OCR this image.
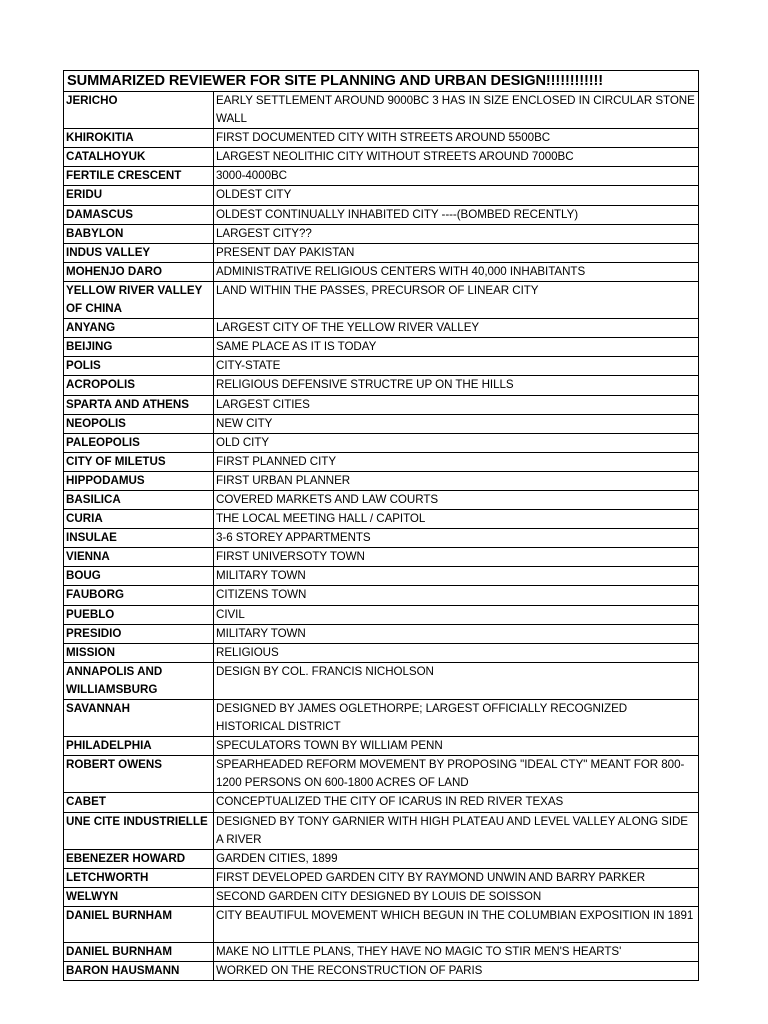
SUMMARIZED REVIEWER FOR SITE PLANNING AND URBAN DESIGN!!!!!!!!!!!!	
JERICHO	EARLY SETTLEMENT AROUND 9000BC 3 HAS IN SIZE ENCLOSED IN CIRCULAR STONE WALL
KHIROKITIA	FIRST DOCUMENTED CITY WITH STREETS AROUND 5500BC
CATALHOYUK	LARGEST NEOLITHIC CITY WITHOUT STREETS AROUND 7000BC
FERTILE CRESCENT	3000-4000BC
ERIDU	OLDEST CITY
DAMASCUS	OLDEST CONTINUALLY INHABITED CITY ----(BOMBED RECENTLY)
BABYLON	LARGEST CITY??
INDUS VALLEY	PRESENT DAY PAKISTAN
MOHENJO DARO	ADMINISTRATIVE RELIGIOUS CENTERS WITH 40,000 INHABITANTS
YELLOW RIVER VALLEY OF CHINA	LAND WITHIN THE PASSES, PRECURSOR OF LINEAR CITY
ANYANG	LARGEST CITY OF THE YELLOW RIVER VALLEY
BEIJING	SAME PLACE AS IT IS TODAY
POLIS	CITY-STATE
ACROPOLIS	RELIGIOUS DEFENSIVE STRUCTRE UP ON THE HILLS
SPARTA AND ATHENS	LARGEST CITIES
NEOPOLIS	NEW CITY
PALEOPOLIS	OLD CITY
CITY OF MILETUS	FIRST PLANNED CITY
HIPPODAMUS	FIRST URBAN PLANNER
BASILICA	COVERED MARKETS AND LAW COURTS
CURIA	THE LOCAL MEETING HALL / CAPITOL
INSULAE	3-6 STOREY APPARTMENTS
VIENNA	FIRST UNIVERSOTY TOWN
BOUG	MILITARY TOWN
FAUBORG	CITIZENS TOWN
PUEBLO	CIVIL
PRESIDIO	MILITARY TOWN
MISSION	RELIGIOUS
ANNAPOLIS AND WILLIAMSBURG	DESIGN BY COL. FRANCIS NICHOLSON
SAVANNAH	DESIGNED BY JAMES OGLETHORPE; LARGEST OFFICIALLY RECOGNIZED HISTORICAL DISTRICT
PHILADELPHIA	SPECULATORS TOWN BY WILLIAM PENN
ROBERT OWENS	SPEARHEADED REFORM MOVEMENT BY PROPOSING "IDEAL CTY" MEANT FOR 800-1200 PERSONS ON 600-1800 ACRES OF LAND
CABET	CONCEPTUALIZED THE CITY OF ICARUS IN RED RIVER TEXAS
UNE CITE INDUSTRIELLE	DESIGNED BY TONY GARNIER WITH HIGH PLATEAU AND LEVEL VALLEY ALONG SIDE A RIVER
EBENEZER HOWARD	GARDEN CITIES, 1899
LETCHWORTH	FIRST DEVELOPED GARDEN CITY BY RAYMOND UNWIN AND BARRY PARKER
WELWYN	SECOND GARDEN CITY DESIGNED BY LOUIS DE SOISSON
DANIEL BURNHAM	CITY BEAUTIFUL MOVEMENT WHICH BEGUN IN THE COLUMBIAN EXPOSITION IN 1891
DANIEL BURNHAM	MAKE NO LITTLE PLANS, THEY HAVE NO MAGIC TO STIR MEN'S HEARTS'
BARON HAUSMANN	WORKED ON THE RECONSTRUCTION OF PARIS
